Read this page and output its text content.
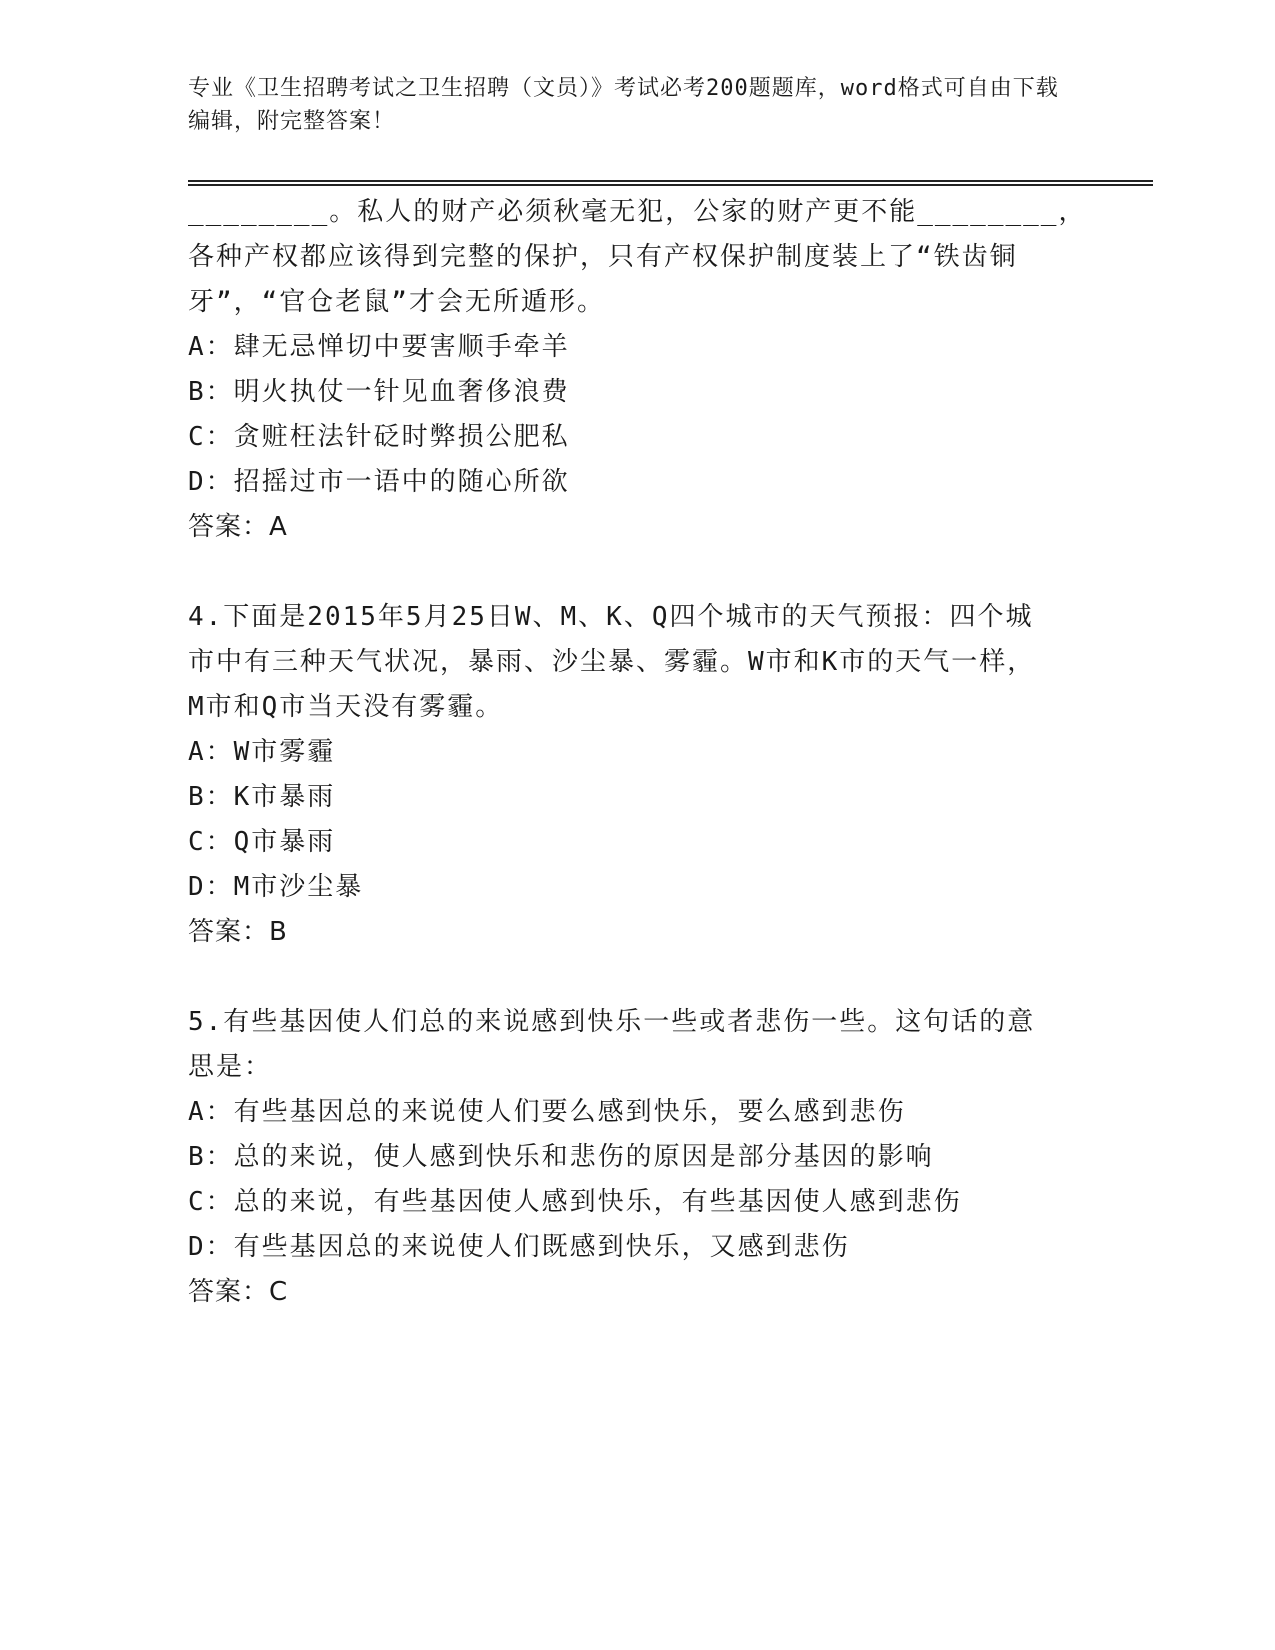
专业《卫生招聘考试之卫生招聘（文员）》考试必考200题题库，word格式可自由下载编辑，附完整答案！
________。私人的财产必须秋毫无犯，公家的财产更不能________，
各种产权都应该得到完整的保护，只有产权保护制度装上了“铁齿铜
牙”，“官仓老鼠”才会无所遁形。
A：肆无忌惮切中要害顺手牵羊
B：明火执仗一针见血奢侈浪费
C：贪赃枉法针砭时弊损公肥私
D：招摇过市一语中的随心所欲
答案：A
4.下面是2015年5月25日W、M、K、Q四个城市的天气预报：四个城
市中有三种天气状况，暴雨、沙尘暴、雾霾。W市和K市的天气一样，
M市和Q市当天没有雾霾。
A：W市雾霾
B：K市暴雨
C：Q市暴雨
D：M市沙尘暴
答案：B
5.有些基因使人们总的来说感到快乐一些或者悲伤一些。这句话的意
思是：
A：有些基因总的来说使人们要么感到快乐，要么感到悲伤
B：总的来说，使人感到快乐和悲伤的原因是部分基因的影响
C：总的来说，有些基因使人感到快乐，有些基因使人感到悲伤
D：有些基因总的来说使人们既感到快乐，又感到悲伤
答案：C
